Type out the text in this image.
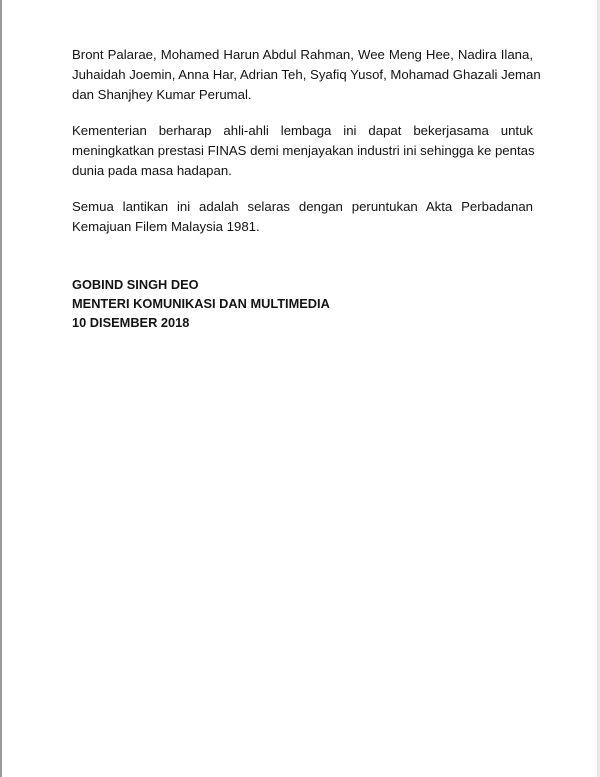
Bront Palarae, Mohamed Harun Abdul Rahman, Wee Meng Hee, Nadira Ilana,
Juhaidah Joemin, Anna Har, Adrian Teh, Syafiq Yusof, Mohamad Ghazali Jeman
dan Shanjhey Kumar Perumal.

Kementerian berharap ahli-ahli lembaga ini dapat bekerjasama untuk
meningkatkan prestasi FINAS demi menjayakan industri ini sehingga ke pentas
dunia pada masa hadapan.

Semua lantikan ini adalah selaras dengan peruntukan Akta Perbadanan
Kemajuan Filem Malaysia 1981.

GOBIND SINGH DEO
MENTERI KOMUNIKASI DAN MULTIMEDIA
10 DISEMBER 2018
